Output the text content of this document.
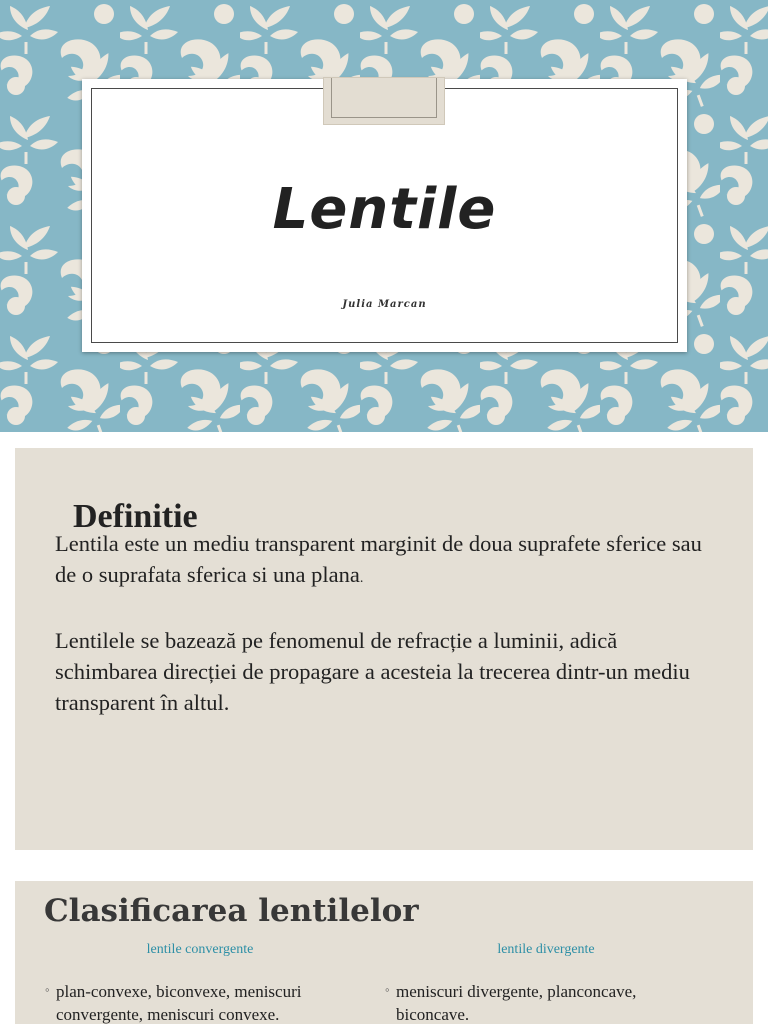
Lentile
Julia Marcan
Definitie

Lentila este un mediu transparent marginit de doua suprafete sferice sau de o suprafata sferica si una plana.

Lentilele se bazează pe fenomenul de refracție a luminii, adică schimbarea direcției de propagare a acesteia la trecerea dintr-un mediu transparent în altul.

Clasificarea lentilelor
lentile convergente	lentile divergente
◦ plan-convexe, biconvexe, meniscuri convergente, meniscuri convexe.
◦ meniscuri divergente, planconcave, biconcave.
